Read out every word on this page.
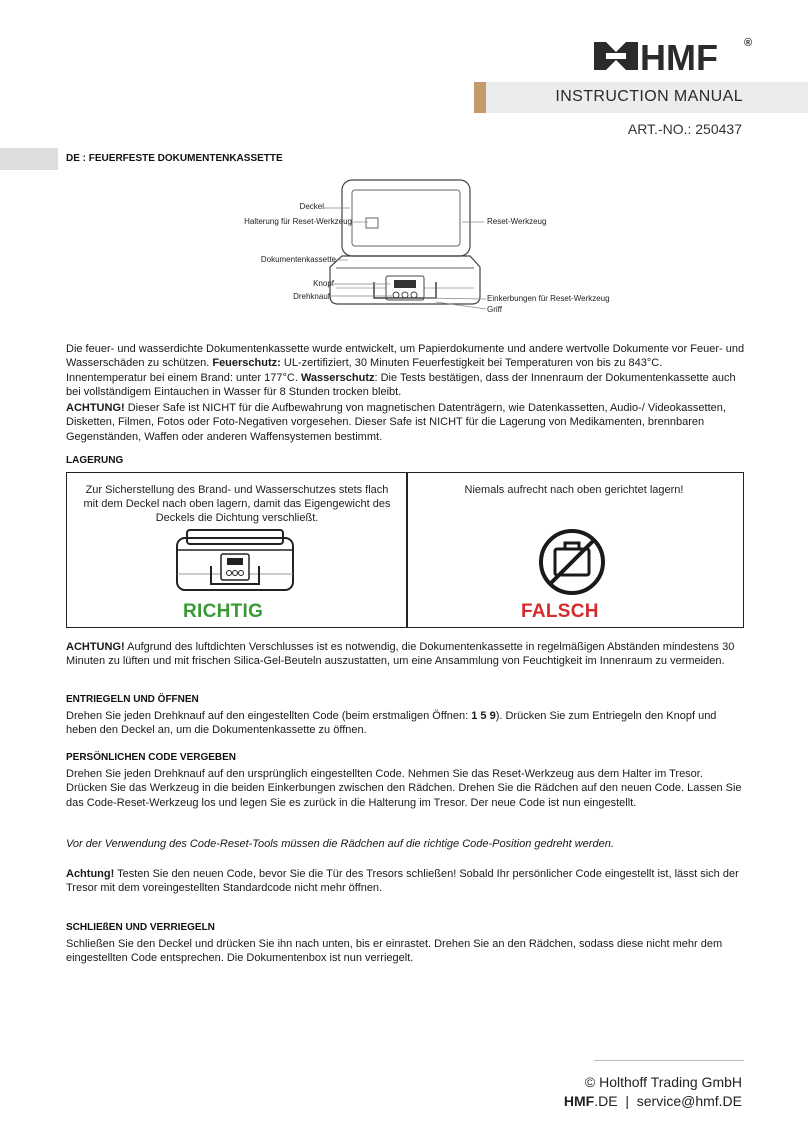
HMF ®
INSTRUCTION MANUAL
ART.-NO.: 250437
DE : FEUERFESTE DOKUMENTENKASSETTE
Deckel
Halterung für Reset-Werkzeug	Reset-Werkzeug
Dokumentenkassette
Knopf
Drehknauf	Einkerbungen für Reset-Werkzeug
Griff
Die feuer- und wasserdichte Dokumentenkassette wurde entwickelt, um Papierdokumente und andere wertvolle Dokumente vor Feuer- und Wasserschäden zu schützen. Feuerschutz: UL-zertifiziert, 30 Minuten Feuerfestigkeit bei Temperaturen von bis zu 843°C. Innentemperatur bei einem Brand: unter 177°C. Wasserschutz: Die Tests bestätigen, dass der Innenraum der Dokumentenkassette auch bei vollständigem Eintauchen in Wasser für 8 Stunden trocken bleibt.
ACHTUNG! Dieser Safe ist NICHT für die Aufbewahrung von magnetischen Datenträgern, wie Datenkassetten, Audio-/ Videokassetten, Disketten, Filmen, Fotos oder Foto-Negativen vorgesehen. Dieser Safe ist NICHT für die Lagerung von Medikamenten, brennbaren Gegenständen, Waffen oder anderen Waffensystemen bestimmt.
LAGERUNG
Zur Sicherstellung des Brand- und Wasserschutzes stets flach mit dem Deckel nach oben lagern, damit das Eigengewicht des Deckels die Dichtung verschließt.
Niemals aufrecht nach oben gerichtet lagern!
RICHTIG	FALSCH
ACHTUNG! Aufgrund des luftdichten Verschlusses ist es notwendig, die Dokumentenkassette in regelmäßigen Abständen mindestens 30 Minuten zu lüften und mit frischen Silica-Gel-Beuteln auszustatten, um eine Ansammlung von Feuchtigkeit im Innenraum zu vermeiden.
ENTRIEGELN UND ÖFFNEN
Drehen Sie jeden Drehknauf auf den eingestellten Code (beim erstmaligen Öffnen: 1 5 9). Drücken Sie zum Entriegeln den Knopf und heben den Deckel an, um die Dokumentenkassette zu öffnen.
PERSÖNLICHEN CODE VERGEBEN
Drehen Sie jeden Drehknauf auf den ursprünglich eingestellten Code. Nehmen Sie das Reset-Werkzeug aus dem Halter im Tresor. Drücken Sie das Werkzeug in die beiden Einkerbungen zwischen den Rädchen. Drehen Sie die Rädchen auf den neuen Code. Lassen Sie das Code-Reset-Werkzeug los und legen Sie es zurück in die Halterung im Tresor. Der neue Code ist nun eingestellt.
Vor der Verwendung des Code-Reset-Tools müssen die Rädchen auf die richtige Code-Position gedreht werden.
Achtung! Testen Sie den neuen Code, bevor Sie die Tür des Tresors schließen! Sobald Ihr persönlicher Code eingestellt ist, lässt sich der Tresor mit dem voreingestellten Standardcode nicht mehr öffnen.
SCHLIEßEN UND VERRIEGELN
Schließen Sie den Deckel und drücken Sie ihn nach unten, bis er einrastet. Drehen Sie an den Rädchen, sodass diese nicht mehr dem eingestellten Code entsprechen. Die Dokumentenbox ist nun verriegelt.
© Holthoff Trading GmbH
HMF.DE  |  service@hmf.DE
